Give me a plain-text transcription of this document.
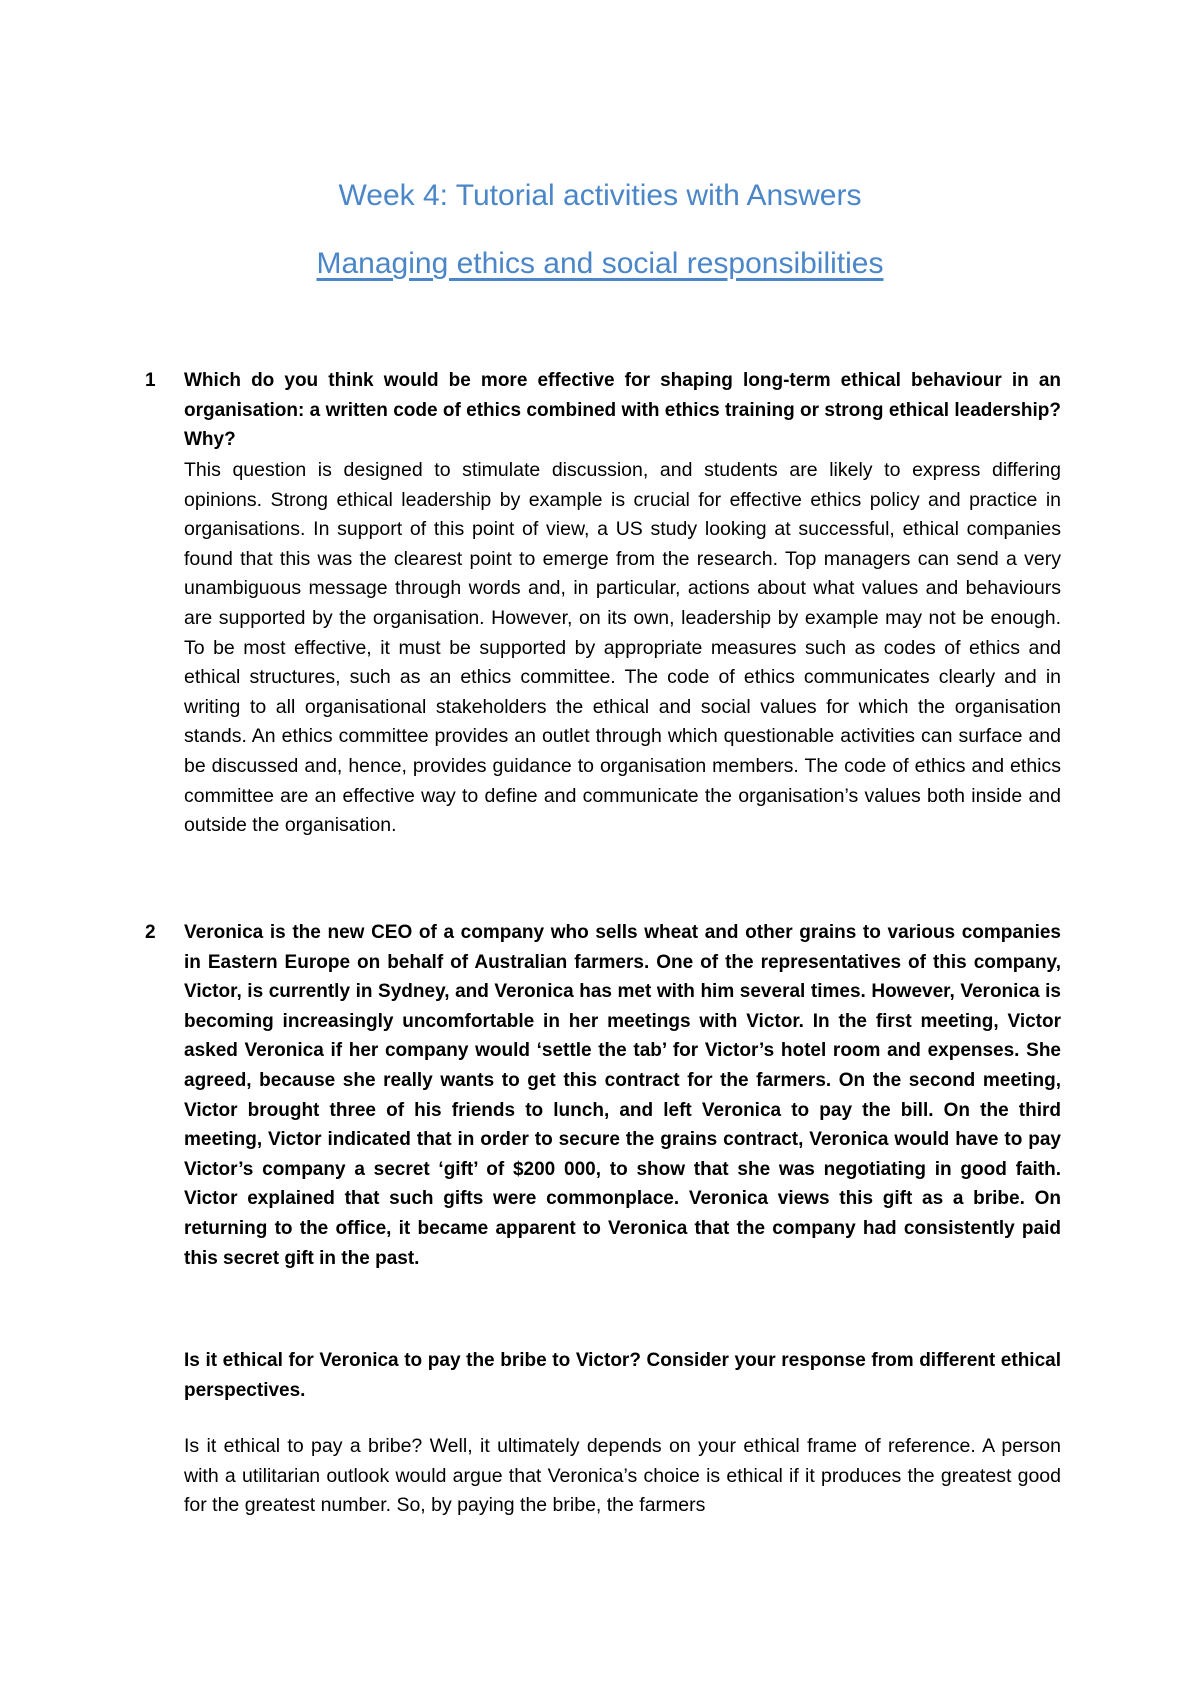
Week 4: Tutorial activities with Answers
Managing ethics and social responsibilities
1 Which do you think would be more effective for shaping long-term ethical behaviour in an organisation: a written code of ethics combined with ethics training or strong ethical leadership? Why?
This question is designed to stimulate discussion, and students are likely to express differing opinions. Strong ethical leadership by example is crucial for effective ethics policy and practice in organisations. In support of this point of view, a US study looking at successful, ethical companies found that this was the clearest point to emerge from the research. Top managers can send a very unambiguous message through words and, in particular, actions about what values and behaviours are supported by the organisation. However, on its own, leadership by example may not be enough. To be most effective, it must be supported by appropriate measures such as codes of ethics and ethical structures, such as an ethics committee. The code of ethics communicates clearly and in writing to all organisational stakeholders the ethical and social values for which the organisation stands. An ethics committee provides an outlet through which questionable activities can surface and be discussed and, hence, provides guidance to organisation members. The code of ethics and ethics committee are an effective way to define and communicate the organisation’s values both inside and outside the organisation.
2 Veronica is the new CEO of a company who sells wheat and other grains to various companies in Eastern Europe on behalf of Australian farmers. One of the representatives of this company, Victor, is currently in Sydney, and Veronica has met with him several times. However, Veronica is becoming increasingly uncomfortable in her meetings with Victor. In the first meeting, Victor asked Veronica if her company would ‘settle the tab’ for Victor’s hotel room and expenses. She agreed, because she really wants to get this contract for the farmers. On the second meeting, Victor brought three of his friends to lunch, and left Veronica to pay the bill. On the third meeting, Victor indicated that in order to secure the grains contract, Veronica would have to pay Victor’s company a secret ‘gift’ of $200 000, to show that she was negotiating in good faith. Victor explained that such gifts were commonplace. Veronica views this gift as a bribe. On returning to the office, it became apparent to Veronica that the company had consistently paid this secret gift in the past.
Is it ethical for Veronica to pay the bribe to Victor? Consider your response from different ethical perspectives.
Is it ethical to pay a bribe? Well, it ultimately depends on your ethical frame of reference. A person with a utilitarian outlook would argue that Veronica’s choice is ethical if it produces the greatest good for the greatest number. So, by paying the bribe, the farmers
